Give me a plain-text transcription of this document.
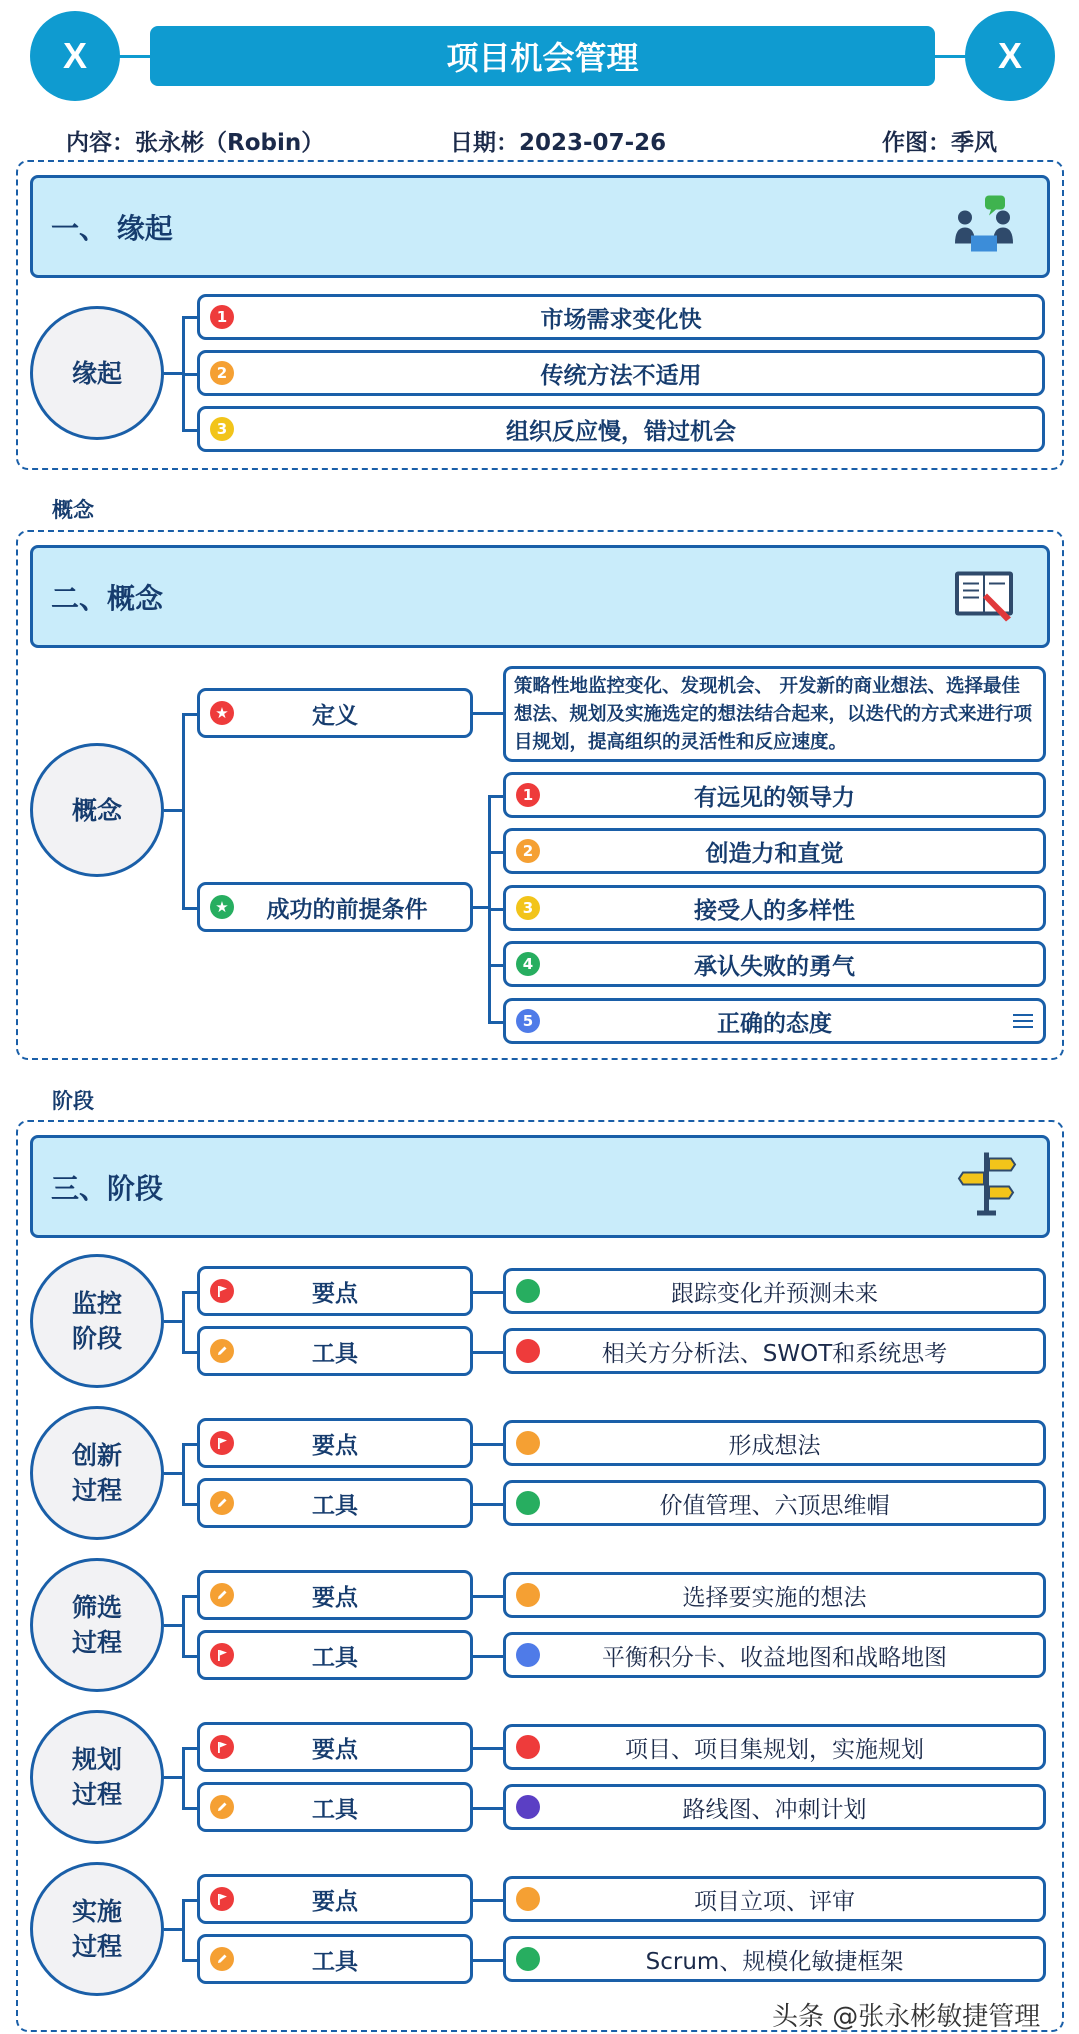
X	X
项目机会管理
内容：张永彬（Robin）	日期：2023-07-26	作图：季风
一、 缘起
缘起
1	市场需求变化快
2	传统方法不适用
3	组织反应慢，错过机会
概念
二、概念
概念
★	定义
策略性地监控变化、发现机会、 开发新的商业想法、选择最佳想法、规划及实施选定的想法结合起来，以迭代的方式来进行项目规划，提高组织的灵活性和反应速度。
★ 成功的前提条件
1	有远见的领导力
2	创造力和直觉
3	接受人的多样性
4	承认失败的勇气
5	正确的态度
阶段
三、阶段
监控阶段
要点	跟踪变化并预测未来
工具	相关方分析法、SWOT和系统思考
创新过程
要点	形成想法
工具	价值管理、六顶思维帽
筛选过程
要点	选择要实施的想法
工具	平衡积分卡、收益地图和战略地图
规划过程
要点	项目、项目集规划，实施规划
工具	路线图、冲刺计划
实施过程
要点	项目立项、评审
工具	Scrum、规模化敏捷框架
头条 @张永彬敏捷管理
